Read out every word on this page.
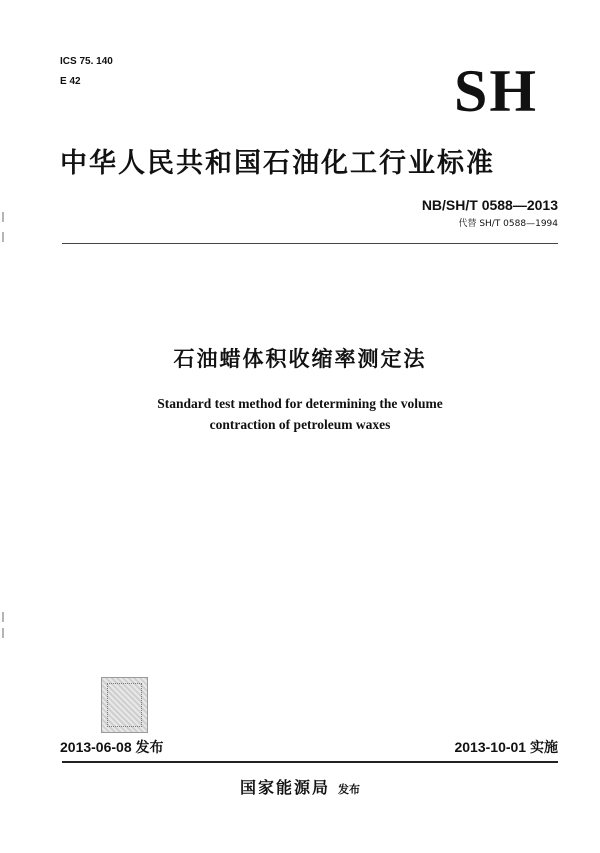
ICS 75. 140
E 42	SH
中华人民共和国石油化工行业标准
NB/SH/T 0588—2013
代替 SH/T 0588—1994
石油蜡体积收缩率测定法
Standard test method for determining the volume
contraction of petroleum waxes
2013-06-08 发布	2013-10-01 实施
国家能源局 发布
